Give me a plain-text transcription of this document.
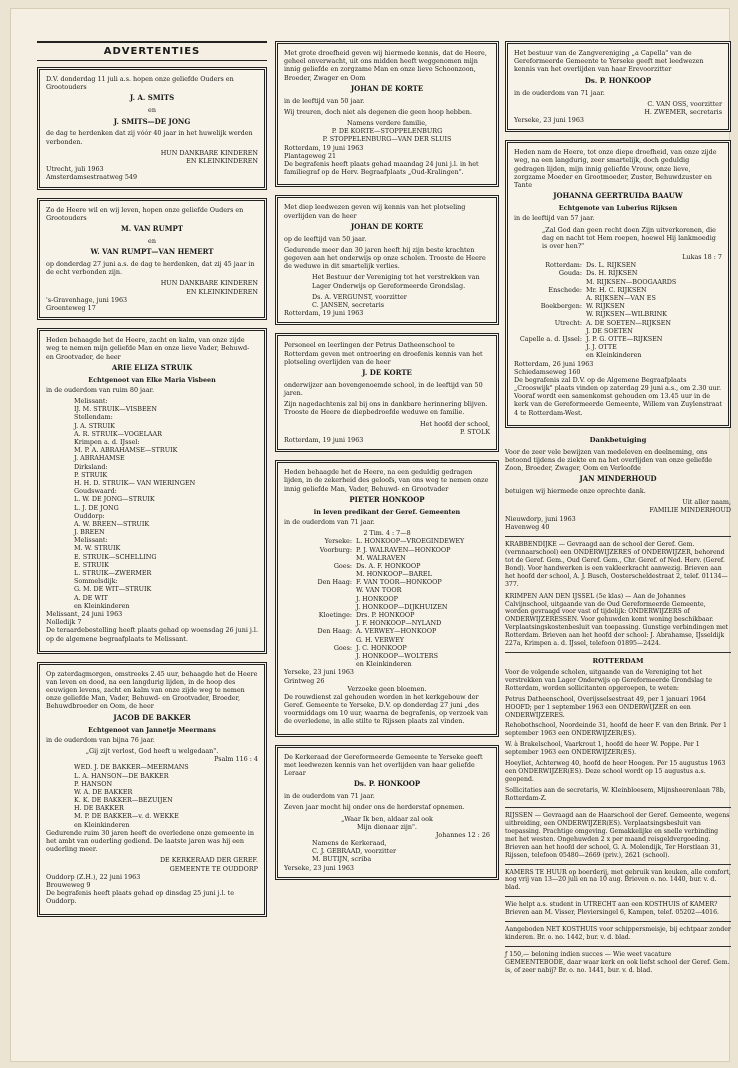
ADVERTENTIES

D.V. donderdag 11 juli a.s. hopen onze geliefde Ouders en Grootouders

J. A. SMITS
en
J. SMITS—DE JONG

de dag te herdenken dat zij vóór 40 jaar in het huwelijk werden verbonden.

HUN DANKBARE KINDEREN
EN KLEINKINDEREN
Utrecht, juli 1963
Amsterdamsestraatweg 549

Zo de Heere wil en wij leven, hopen onze geliefde Ouders en Grootouders

M. VAN RUMPT
en
W. VAN RUMPT—VAN HEMERT

op donderdag 27 juni a.s. de dag te herdenken, dat zij 45 jaar in de echt verbonden zijn.

HUN DANKBARE KINDEREN
EN KLEINKINDEREN
's-Gravenhage, juni 1963
Groenteweg 17

Heden behaagde het de Heere, zacht en kalm, van onze zijde weg te nemen mijn geliefde Man en onze lieve Vader, Behuwd- en Grootvader, de heer

ARIE ELIZA STRUIK
Echtgenoot van Elke Maria Visbeen

in de ouderdom van ruim 80 jaar.

Melissant:
IJ. M. STRUIK—VISBEEN
Stellendam:
J. A. STRUIK
A. R. STRUIK—VOGELAAR
Krimpen a. d. IJssel:
M. P. A. ABRAHAMSE—STRUIK
J. ABRAHAMSE
Dirksland:
P. STRUIK
H. H. D. STRUIK— VAN WIERINGEN
Goudswaard:
L. W. DE JONG—STRUIK
L. J. DE JONG
Ouddorp:
A. W. BREEN—STRUIK
J. BREEN
Melissant:
M. W. STRUIK
E. STRUIK—SCHELLING
E. STRUIK
L. STRUIK—ZWERMER
Sommelsdijk:
G. M. DE WIT—STRUIK
A. DE WIT
en Kleinkinderen
Melissant, 24 juni 1963
Nolledijk 7

De teraardebestelling heeft plaats gehad op woensdag 26 juni j.l. op de algemene begraafplaats te Melissant.

Op zaterdagmorgen, omstreeks 2.45 uur, behaagde het de Heere van leven en dood, na een langdurig lijden, in de hoop des eeuwigen levens, zacht en kalm van onze zijde weg te nemen onze geliefde Man, Vader, Behuwd- en Grootvader, Broeder, Behuwdbroeder en Oom, de heer

JACOB DE BAKKER
Echtgenoot van Jannetje Meermans

in de ouderdom van bijna 76 jaar.

„Gij zijt verlost, God heeft u welgedaan".
Psalm 116 : 4
WED. J. DE BAKKER—MEERMANS
L. A. HANSON—DE BAKKER
P. HANSON
W. A. DE BAKKER
K. K. DE BAKKER—BEZUIJEN
H. DE BAKKER
M. P. DE BAKKER—v. d. WEKKE
en Kleinkinderen

Gedurende ruim 30 jaren heeft de overledene onze gemeente in het ambt van ouderling gediend. De laatste jaren was hij een ouderling meer.

DE KERKERAAD DER GEREF.
GEMEENTE TE OUDDORP
Ouddorp (Z.H.), 22 juni 1963
Brouweweg 9

De begrafenis heeft plaats gehad op dinsdag 25 juni j.l. te Ouddorp.

Met grote droefheid geven wij hiermede kennis, dat de Heere, geheel onverwacht, uit ons midden heeft weggenomen mijn innig geliefde en zorgzame Man en onze lieve Schoonzoon, Broeder, Zwager en Oom

JOHAN DE KORTE

in de leeftijd van 50 jaar.

Wij treuren, doch niet als degenen die geen hoop hebben.

Namens verdere familie,
P. DE KORTE—STOPPELENBURG
P. STOPPELENBURG—VAN DER SLUIS
Rotterdam, 19 juni 1963
Plantageweg 21

De begrafenis heeft plaats gehad maandag 24 juni j.l. in het familiegraf op de Herv. Begraafplaats „Oud-Kralingen".

Met diep leedwezen geven wij kennis van het plotseling overlijden van de heer

JOHAN DE KORTE

op de leeftijd van 50 jaar.

Gedurende meer dan 30 jaren heeft hij zijn beste krachten gegeven aan het onderwijs op onze scholen. Trooste de Heere de weduwe in dit smartelijk verlies.

Het Bestuur der Vereniging tot het verstrekken van Lager Onderwijs op Gereformeerde Grondslag.

Ds. A. VERGUNST, voorzitter
C. JANSEN, secretaris
Rotterdam, 19 juni 1963

Personeel en leerlingen der Petrus Datheenschool te Rotterdam geven met ontroering en droefenis kennis van het plotseling overlijden van de heer

J. DE KORTE

onderwijzer aan bovengenoemde school, in de leeftijd van 50 jaren.

Zijn nagedachtenis zal bij ons in dankbare herinnering blijven. Trooste de Heere de diepbedroefde weduwe en familie.

Het hoofd der school,
P. STOLK
Rotterdam, 19 juni 1963

Heden behaagde het de Heere, na een geduldig gedragen lijden, in de zekerheid des geloofs, van ons weg te nemen onze innig geliefde Man, Vader, Behuwd- en Grootvader

PIETER HONKOOP
in leven predikant der Geref. Gemeenten

in de ouderdom van 71 jaar.

2 Tim. 4 : 7—8
Yerseke: L. HONKOOP—VROEGINDEWEY
Voorburg: P. J. WALRAVEN—HONKOOP
M. WALRAVEN
Goes: Ds. A. F. HONKOOP
M. HONKOOP—BAREL
Den Haag: F. VAN TOOR—HONKOOP
W. VAN TOOR
J. HONKOOP
J. HONKOOP—DIJKHUIZEN
Kloetinge: Drs. P. HONKOOP
J. F. HONKOOP—NYLAND
Den Haag: A. VERWEY—HONKOOP
G. H. VERWEY
Goes: J. C. HONKOOP
J. HONKOOP—WOLTERS
en Kleinkinderen
Yerseke, 23 juni 1963
Grintweg 26
Verzoeke geen bloemen.

De rouwdienst zal gehouden worden in het kerkgebouw der Geref. Gemeente te Yerseke, D.V. op donderdag 27 juni „des voormiddags om 10 uur, waarna de begrafenis, op verzoek van de overledene, in alle stilte te Rijssen plaats zal vinden.

De Kerkeraad der Gereformeerde Gemeente te Yerseke geeft met leedwezen kennis van het overlijden van haar geliefde Leraar

Ds. P. HONKOOP

in de ouderdom van 71 jaar.

Zeven jaar mocht hij onder ons de herderstaf opnemen.

„Waar Ik ben, aldaar zal ook
Mijn dienaar zijn".
Johannes 12 : 26
Namens de Kerkeraad,
C. J. GEBRAAD, voorzitter
M. BUTIJN, scriba
Yerseke, 23 juni 1963

Het bestuur van de Zangvereniging „a Capella" van de Gereformeerde Gemeente te Yerseke geeft met leedwezen kennis van het overlijden van haar Erevoorzitter

Ds. P. HONKOOP

in de ouderdom van 71 jaar.

C. VAN OSS, voorzitter
H. ZWEMER, secretaris
Yerseke, 23 juni 1963

Heden nam de Heere, tot onze diepe droefheid, van onze zijde weg, na een langdurig, zeer smartelijk, doch geduldig gedragen lijden, mijn innig geliefde Vrouw, onze lieve, zorgzame Moeder en Grootmoeder, Zuster, Behuwdzuster en Tante

JOHANNA GEERTRUIDA BAAUW
Echtgenote van Luberius Rijksen

in de leeftijd van 57 jaar.

„Zal God dan geen recht doen Zijn uitverkorenen, die dag en nacht tot Hem roepen, hoewel Hij lankmoedig is over hen?"

Lukas 18 : 7
Rotterdam: Ds. L. RIJKSEN
Gouda: Ds. H. RIJKSEN
M. RIJKSEN—BOOGAARDS
Enschede: Mr. H. C. RIJKSEN
A. RIJKSEN—VAN ES
Boekbergen: W. RIJKSEN
W. RIJKSEN—WILBRINK
Utrecht: A. DE SOETEN—RIJKSEN
J. DE SOETEN
Capelle a. d. IJssel: J. P. G. OTTE—RIJKSEN
J. J. OTTE
en Kleinkinderen
Rotterdam, 26 juni 1963
Schiedamseweg 160

De begrafenis zal D.V. op de Algemene Begraafplaats „Crooswijk" plaats vinden op zaterdag 29 juni a.s., om 2.30 uur. Vooraf wordt een samenkomst gehouden om 13.45 uur in de kerk van de Gereformeerde Gemeente, Willem van Zuylenstraat 4 te Rotterdam-West.

Dankbetuiging

Voor de zeer vele bewijzen van medeleven en deelneming, ons betoond tijdens de ziekte en na het overlijden van onze geliefde Zoon, Broeder, Zwager, Oom en Verloofde

JAN MINDERHOUD

betuigen wij hiermede onze oprechte dank.

Uit aller naam,
FAMILIE MINDERHOUD
Nieuwdorp, juni 1963
Havenweg 40
KRABBENDIJKE — Gevraagd aan de school der Geref. Gem. (vernnaarschool) een ONDERWIJZERES of ONDERWIJZER, behorend tot de Geref. Gem., Oud Geref. Gem., Chr. Geref. of Ned. Herv. (Geref. Bond). Voor handwerken is een vakleerkracht aanwezig. Brieven aan het hoofd der school, A. J. Busch, Oosterscheldestraat 2, telef. 01134—377.
KRIMPEN AAN DEN IJSSEL (5e klas) — Aan de Johannes Calvijnschool, uitgaande van de Oud Gereformeerde Gemeente, worden gevraagd voor vast of tijdelijk: ONDERWIJZERS of ONDERWIJZERESSEN. Voor gehuwden komt woning beschikbaar. Verplaatsingskostenbesluit van toepassing. Gunstige verbindingen met Rotterdam. Brieven aan het hoofd der school: J. Abrahamse, IJsseldijk 227a, Krimpen a. d. IJssel, telefoon 01895—2424.
ROTTERDAM

Voor de volgende scholen, uitgaande van de Vereniging tot het verstrekken van Lager Onderwijs op Gereformeerde Grondslag te Rotterdam, worden sollicitanten opgeroepen, te weten:

Petrus Datheenschool, Overijsselsestraat 49, per 1 januari 1964 HOOFD; per 1 september 1963 een ONDERWIJZER en een ONDERWIJZERES.

Rehobothschool, Noordeinde 31, hoofd de heer F. van den Brink. Per 1 september 1963 een ONDERWIJZER(ES).

W. à Brakelschool, Vaarkrout 1, hoofd de heer W. Poppe. Per 1 september 1963 een ONDERWIJZER(ES).

Hoeyliet, Achterweg 40, hoofd de heer Hoogen. Per 15 augustus 1963 een ONDERWIJZER(ES). Deze school wordt op 15 augustus a.s. geopend.

Sollicitaties aan de secretaris, W. Kleinbloesem, Mijnsheerenlaan 78b, Rotterdam-Z.

RIJSSEN — Gevraagd aan de Haarschool der Geref. Gemeente, wegens uitbreiding, een ONDERWIJZER(ES). Verplaatsingsbesluit van toepassing. Prachtige omgeving. Gemakkelijke en snelle verbinding met het westen. Ongehuwden 2 x per maand reisgeldvergoeding. Brieven aan het hoofd der school, G. A. Molendijk, Ter Horstlaan 31, Rijssen, telefoon 05480—2669 (priv.), 2621 (school).
KAMERS TE HUUR op boerderij, met gebruik van keuken, alle comfort, nog vrij van 13—20 juli en na 10 aug. Brieven o. no. 1440, bur. v. d. blad.
Wie helpt a.s. student in UTRECHT aan een KOSTHUIS of KAMER? Brieven aan M. Visser, Pleviersingel 6, Kampen, telef. 05202—4016.
Aangeboden NET KOSTHUIS voor schippersmeisje, bij echtpaar zonder kinderen. Br. o. no. 1442, bur. v. d. blad.
ƒ 150,— beloning indien succes — Wie weet vacature GEMEENTEBODE, daar waar kerk en ook liefst school der Geref. Gem. is, of zeer nabij? Br. o. no. 1441, bur. v. d. blad.
